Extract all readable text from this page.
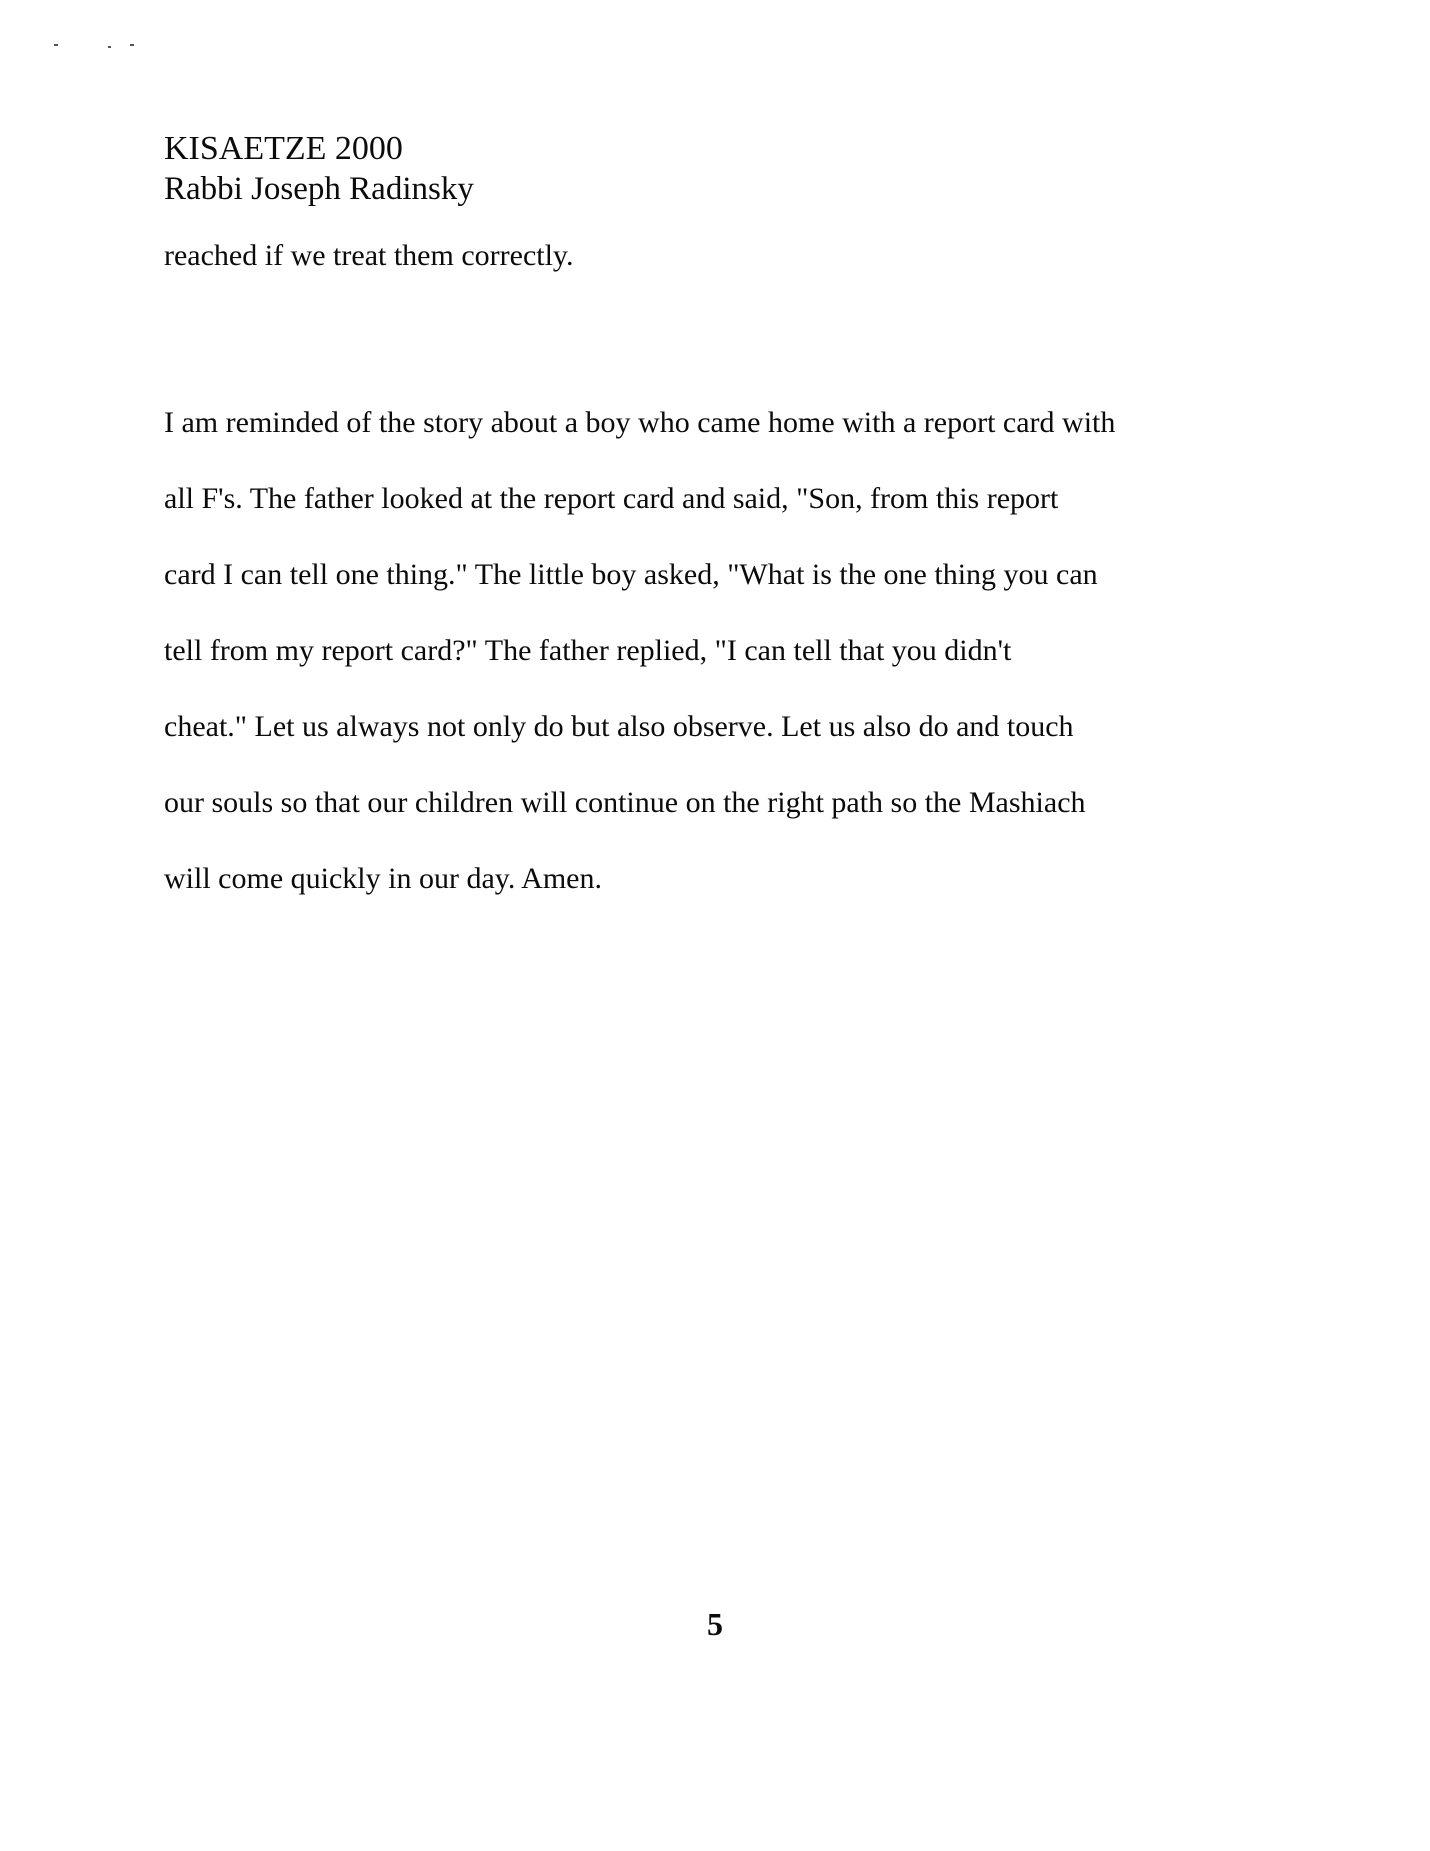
KISAETZE 2000
Rabbi Joseph Radinsky
reached if we treat them correctly.
I am reminded of the story about a boy who came home with a report card with
all F's. The father looked at the report card and said, "Son, from this report
card I can tell one thing." The little boy asked, "What is the one thing you can
tell from my report card?" The father replied, "I can tell that you didn't
cheat." Let us always not only do but also observe. Let us also do and touch
our souls so that our children will continue on the right path so the Mashiach
will come quickly in our day. Amen.
5
